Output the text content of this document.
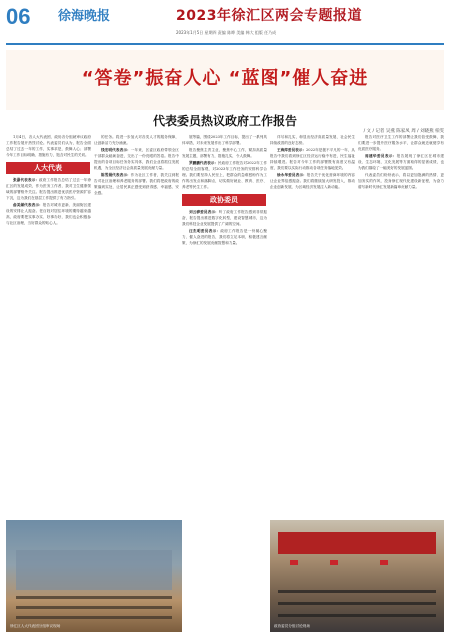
06 徐海晚报	2023年徐汇区两会专题报道
2023年1月5日 星期四 责编 陈晔 美编 韩大 组版 任乃成
“答卷”振奋人心 “蓝图”催人奋进
代表委员热议政府工作报告
/ 文 / 记者 吴燕 陈家凤 周 / 刘晓燕 柏雯

1月4日，各人大代表团、政协各分组就审议政府工作报告展开热烈讨论。代表委员们认为，报告全面总结了过去一年的工作，实事求是，鼓舞人心；部署今年工作目标明确、措施有力，饱含对民生的关切。

人大代表

张嘉代表表示：政府工作报告总结了过去一年徐汇区的发展成效，作为医务工作者，我对卫生健康领域的部署格外关注。报告提出推进优质医疗资源扩容下沉，这为我们在基层工作提供了有力指引。

俞美娣代表表示：报告对城市更新、美丽街区建设的安排让人振奋。老百姓对居住环境的期待越来越高，政府要把实事办实、好事办好，我们也会积极参与社区治理，当好群众的贴心人。

的任务。将进一步加大对各类人才的服务保障，让创新活力充分涌流。

钱宏明代表表示：一年来，区委区政府带领全区干部群众砥砺奋进，交出了一份亮眼的答卷。报告中提出的各项目标任务务实具体，我们企业将抓住发展机遇，为全区经济社会高质量发展贡献力量。

陈雪娟代表表示：作为社区工作者，我关注到报告对社区治理和养老服务的部署。我们将把政府的政策落到实处，让居民真正感受到获得感、幸福感、安全感。

展等篇，围绕2023年工作目标，提出了一系列具体举措，对未来发展作出了科学部署。

报告聚焦主责主业，聚焦中心工作，紧扣高质量发展主题，部署有力，措施扎实，令人鼓舞。

罗鹏鹏代表表示：民政府工作报告对2022年工作的总结全面客观，对2023年工作任务的安排科学合理。我们要坚持人民至上，把群众的急难愁盼作为工作的出发点和落脚点，切实做好就业、教育、医疗、养老等民生工作。

政协委员

刘云骅委员表示：听了政府工作报告感到非常振奋，报告提出推进数字化转型，建设智慧城市，这为我们科技企业发展提供了广阔的空间。

汪杰明委员表示：政府工作报告是一份凝心聚力、催人奋进的报告，我们将立足本职，积极建言献策，为徐汇的发展贡献智慧和力量。

详尽和扎实，彰显出经济高质量发展、社会民生持续改善的良好态势。

王海萍委员表示：2022年是极不平凡的一年，从报告中我们看到徐汇区经济运行稳中有进，民生福祉持续增进。报告对今年工作的部署既有高度又有温度，我们要以实际行动推动各项任务落地见效。

徐永华委员表示：报告关于优化营商环境的内容让企业界倍感振奋。我们将继续加大研发投入，推动企业创新发展，为区域经济发展注入新动能。

报告对医疗卫生工作的部署让我们倍受鼓舞，我们要进一步提升医疗服务水平，让群众就近就便享有优质医疗服务。

周建华委员表示：报告展现了徐汇区在城市建设、生态环境、文化发展等方面取得的显著成绩，也为我们描绘了一幅美好的发展蓝图。

代表委员们纷纷表示，将以更加饱满的热情、更加务实的作风，投身徐汇现代化建设新征程，为奋力谱写新时代徐汇发展新篇章贡献力量。

徐汇区人大代表团分组审议现场	政协委员分组讨论现场
